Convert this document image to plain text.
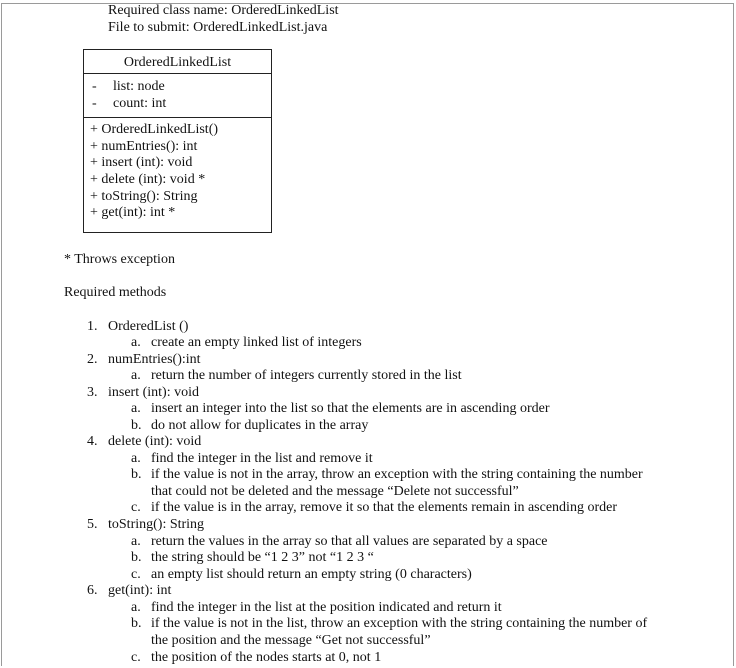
Required class name: OrderedLinkedList
File to submit: OrderedLinkedList.java
OrderedLinkedList
- list: node
- count: int
+ OrderedLinkedList()
+ numEntries(): int
+ insert (int): void
+ delete (int): void *
+ toString(): String
+ get(int): int *
* Throws exception
Required methods
1. OrderedList ()
a. create an empty linked list of integers
2. numEntries():int
a. return the number of integers currently stored in the list
3. insert (int): void
a. insert an integer into the list so that the elements are in ascending order
b. do not allow for duplicates in the array
4. delete (int): void
a. find the integer in the list and remove it
b. if the value is not in the array, throw an exception with the string containing the number
that could not be deleted and the message “Delete not successful”
c. if the value is in the array, remove it so that the elements remain in ascending order
5. toString(): String
a. return the values in the array so that all values are separated by a space
b. the string should be “1 2 3” not “1 2 3 “
c. an empty list should return an empty string (0 characters)
6. get(int): int
a. find the integer in the list at the position indicated and return it
b. if the value is not in the list, throw an exception with the string containing the number of
the position and the message “Get not successful”
c. the position of the nodes starts at 0, not 1
